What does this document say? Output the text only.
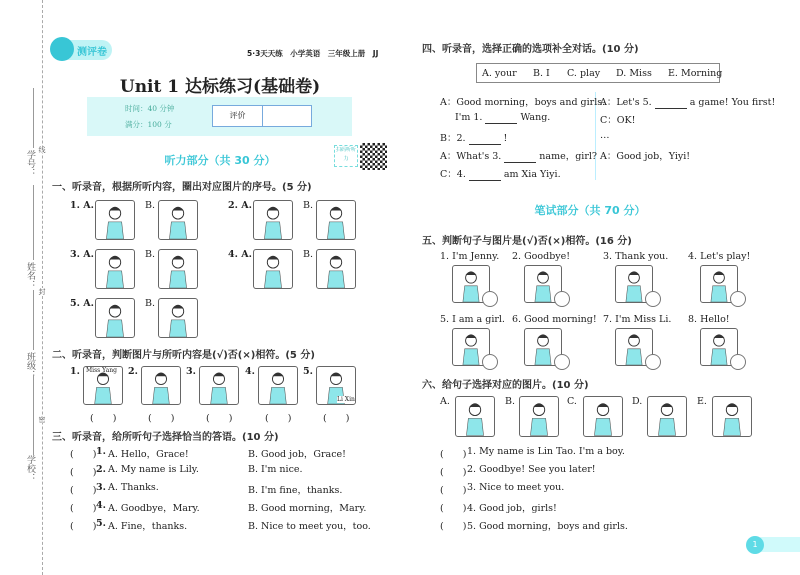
学号：
姓名：
班级：
学校：
线
封
密
测评卷	5·3天天练　小学英语　三年级上册　JJ
Unit 1 达标练习(基础卷)
时间：40 分钟
满分：100 分
评价
扫码听听力
听力部分（共 30 分）
一、听录音，根据所听内容，圈出对应图片的序号。(5 分)
二、听录音，判断图片与所听内容是(√)否(×)相符。(5 分)
三、听录音，给所听句子选择恰当的答语。(10 分)
四、听录音，选择正确的选项补全对话。(10 分)
A. your B. I C. play D. Miss E. Morning
笔试部分（共 70 分）
五、判断句子与图片是(√)否(×)相符。(16 分)
六、给句子选择对应的图片。(10 分)
1
1. A.	B.	2. A.	B.
3. A.	B.	4. A.	B.
5. A.	B.
1. Miss Yang
(　　)
2.
(　　)
3.
(　　)
4.
(　　)
5.
Li Xin
(　　)
(　　) 1. A. Hello，Grace!	B. Good job，Grace!
(　　) 2. A. My name is Lily.	B. I'm nice.
(　　) 3. A. Thanks.	B. I'm fine，thanks.
(　　) 4. A. Goodbye，Mary.	B. Good morning，Mary.
(　　) 5. A. Fine，thanks.	B. Nice to meet you，too.
A：Good morning，boys and girls.
I'm 1.	Wang.
B：2.	!
A：What's 3.	name，girl?
C：4.	am Xia Yiyi.
A：Let's 5.	a game! You first!
C：OK!
…
A：Good job，Yiyi!
1. I'm Jenny. 2. Goodbye!	3. Thank you. 4. Let's play!
5. I am a girl. 6. Good morning! 7. I'm Miss Li. 8. Hello!
A.	B.	C.	D.	E.
(　　) 1. My name is Lin Tao. I'm a boy.
(　　) 2. Goodbye! See you later!
(　　) 3. Nice to meet you.
(　　) 4. Good job，girls!
(　　) 5. Good morning，boys and girls.
